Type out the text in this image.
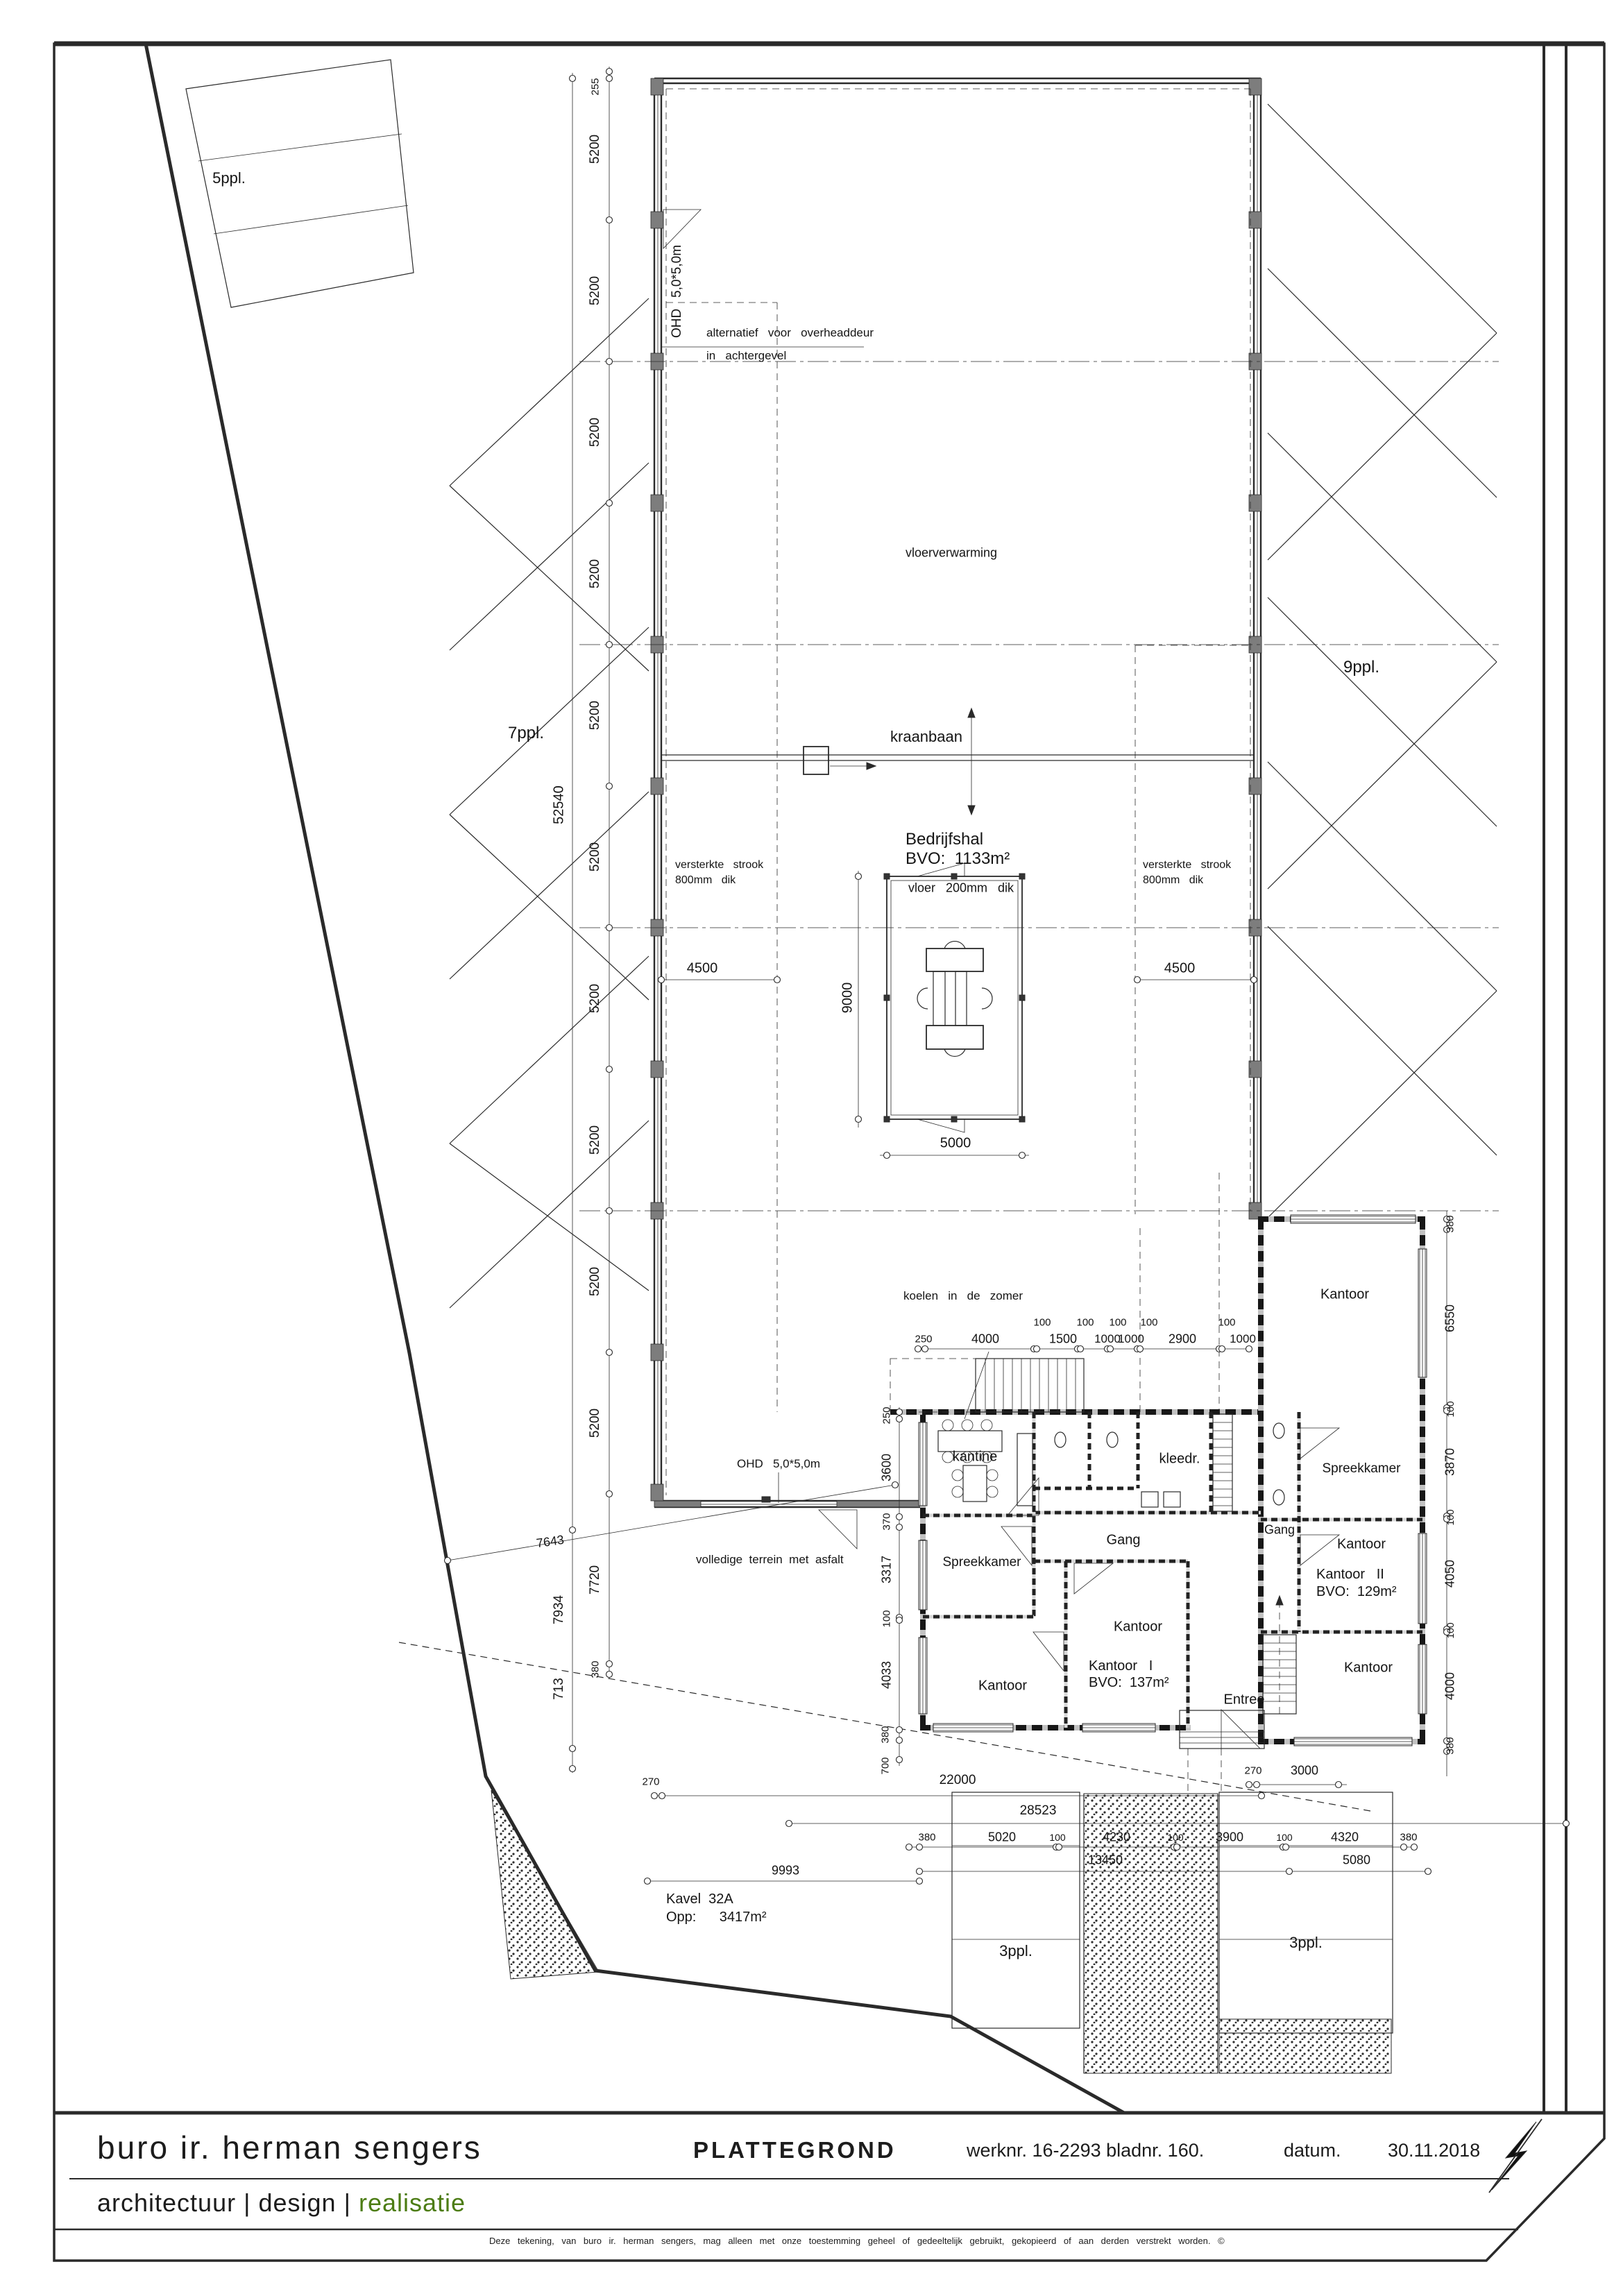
5ppl.
7ppl.
9ppl.
3ppl.	3ppl.
alternatief   voor   overheaddeur
in   achtergevel
OHD   5,0*5,0m
vloerverwarming
kraanbaan
Bedrijfshal
BVO:  1133m²
vloer   200mm   dik
versterkte   strook
800mm   dik
versterkte   strook
800mm   dik
4500	4500
9000
5000
koelen   in   de   zomer
OHD   5,0*5,0m
volledige  terrein  met  asfalt
kantine	kleedr.
Gang
Gang
Spreekkamer
Kantoor
Kantoor   I
BVO:  137m²
Kantoor
Entree
Kantoor
Spreekkamer
Kantoor
Kantoor   II
BVO:  129m²
Kantoor
Kavel  32A
Opp:      3417m²
52540
255
5200
5200
5200
5200
5200
5200
5200
5200
5200
5200
7934
713
7720
380
7643
250
3600
370
3317
100
4033
380
700
250	4000
100
1500
100
1000
100
1000
100
2900
100
1000
380
6550
100
3870
100
4050
100
4000
380
270	22000
270 3000
28523
380	5020	100	4230	100	3900	100	4320	380
13450	5080
9993
buro ir. herman sengers	PLATTEGROND	werknr. 16-2293 bladnr. 160.	datum. 30.11.2018
architectuur | design | realisatie
Deze tekening, van buro ir. herman sengers, mag alleen met onze toestemming geheel of gedeeltelijk gebruikt, gekopieerd of aan derden verstrekt worden. ©
